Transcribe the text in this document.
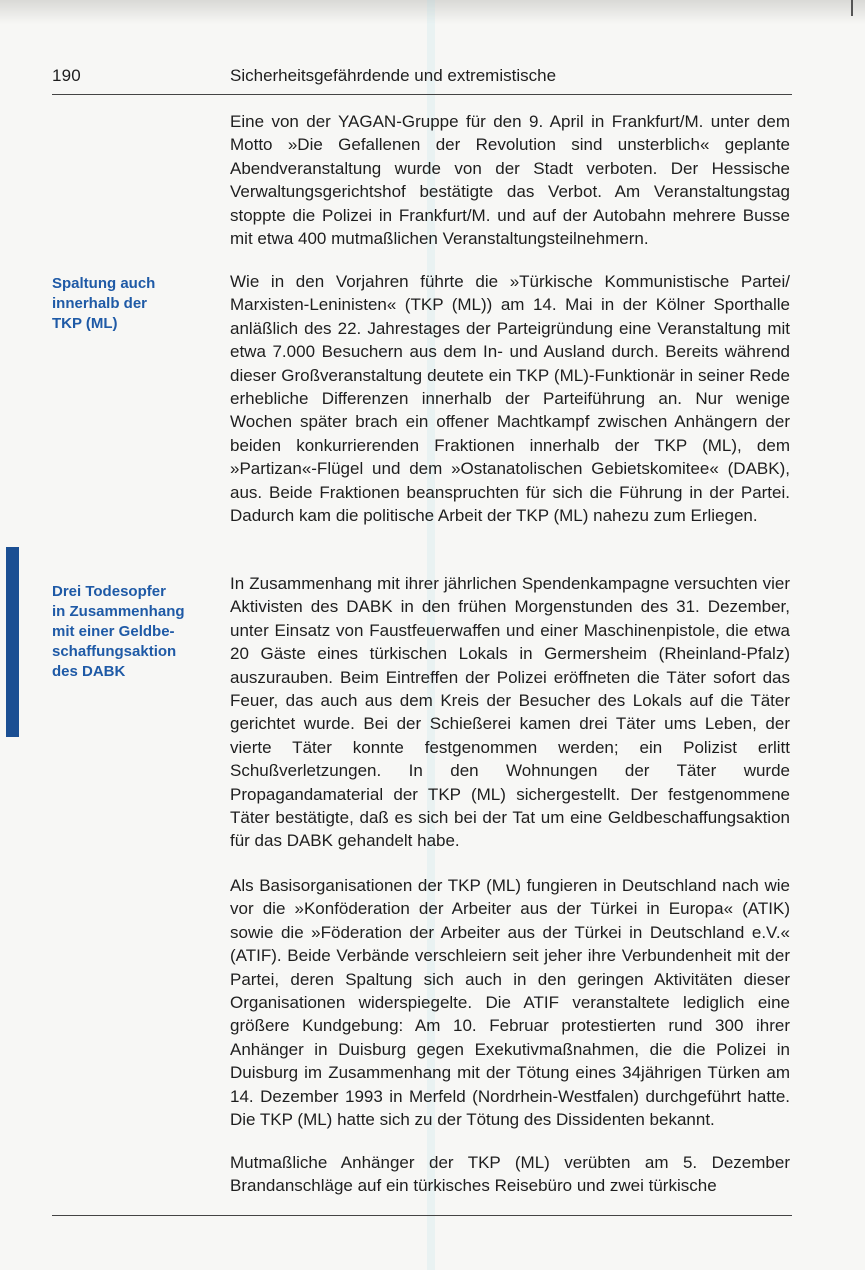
190	Sicherheitsgefährdende und extremistische
Spaltung auch
innerhalb der
TKP (ML)
Drei Todesopfer
in Zusammenhang
mit einer Geldbe-
schaffungsaktion
des DABK

Eine von der YAGAN-Gruppe für den 9. April in Frankfurt/M. unter dem Motto »Die Gefallenen der Revolution sind unsterblich« geplante Abendveranstaltung wurde von der Stadt verboten. Der Hessische Verwaltungsgerichtshof bestätigte das Verbot. Am Veranstaltungstag stoppte die Polizei in Frankfurt/M. und auf der Autobahn mehrere Busse mit etwa 400 mutmaßlichen Veranstaltungsteilnehmern.

Wie in den Vorjahren führte die »Türkische Kommunistische Partei/ Marxisten-Leninisten« (TKP (ML)) am 14. Mai in der Kölner Sporthalle anläßlich des 22. Jahrestages der Parteigründung eine Veranstaltung mit etwa 7.000 Besuchern aus dem In- und Ausland durch. Bereits während dieser Großveranstaltung deutete ein TKP (ML)-Funktionär in seiner Rede erhebliche Differenzen innerhalb der Parteiführung an. Nur wenige Wochen später brach ein offener Machtkampf zwischen Anhängern der beiden konkurrierenden Fraktionen innerhalb der TKP (ML), dem »Partizan«-Flügel und dem »Ostanatolischen Gebietskomitee« (DABK), aus. Beide Fraktionen beanspruchten für sich die Führung in der Partei. Dadurch kam die politische Arbeit der TKP (ML) nahezu zum Erliegen.

In Zusammenhang mit ihrer jährlichen Spendenkampagne versuchten vier Aktivisten des DABK in den frühen Morgenstunden des 31. Dezember, unter Einsatz von Faustfeuerwaffen und einer Maschinenpistole, die etwa 20 Gäste eines türkischen Lokals in Germersheim (Rheinland-Pfalz) auszurauben. Beim Eintreffen der Polizei eröffneten die Täter sofort das Feuer, das auch aus dem Kreis der Besucher des Lokals auf die Täter gerichtet wurde. Bei der Schießerei kamen drei Täter ums Leben, der vierte Täter konnte festgenommen werden; ein Polizist erlitt Schußverletzungen. In den Wohnungen der Täter wurde Propagandamaterial der TKP (ML) sichergestellt. Der festgenommene Täter bestätigte, daß es sich bei der Tat um eine Geldbeschaffungsaktion für das DABK gehandelt habe.

Als Basisorganisationen der TKP (ML) fungieren in Deutschland nach wie vor die »Konföderation der Arbeiter aus der Türkei in Europa« (ATIK) sowie die »Föderation der Arbeiter aus der Türkei in Deutschland e.V.« (ATIF). Beide Verbände verschleiern seit jeher ihre Verbundenheit mit der Partei, deren Spaltung sich auch in den geringen Aktivitäten dieser Organisationen widerspiegelte. Die ATIF veranstaltete lediglich eine größere Kundgebung: Am 10. Februar protestierten rund 300 ihrer Anhänger in Duisburg gegen Exekutivmaßnahmen, die die Polizei in Duisburg im Zusammenhang mit der Tötung eines 34jährigen Türken am 14. Dezember 1993 in Merfeld (Nordrhein-Westfalen) durchgeführt hatte. Die TKP (ML) hatte sich zu der Tötung des Dissidenten bekannt.

Mutmaßliche Anhänger der TKP (ML) verübten am 5. Dezember Brandanschläge auf ein türkisches Reisebüro und zwei türkische
